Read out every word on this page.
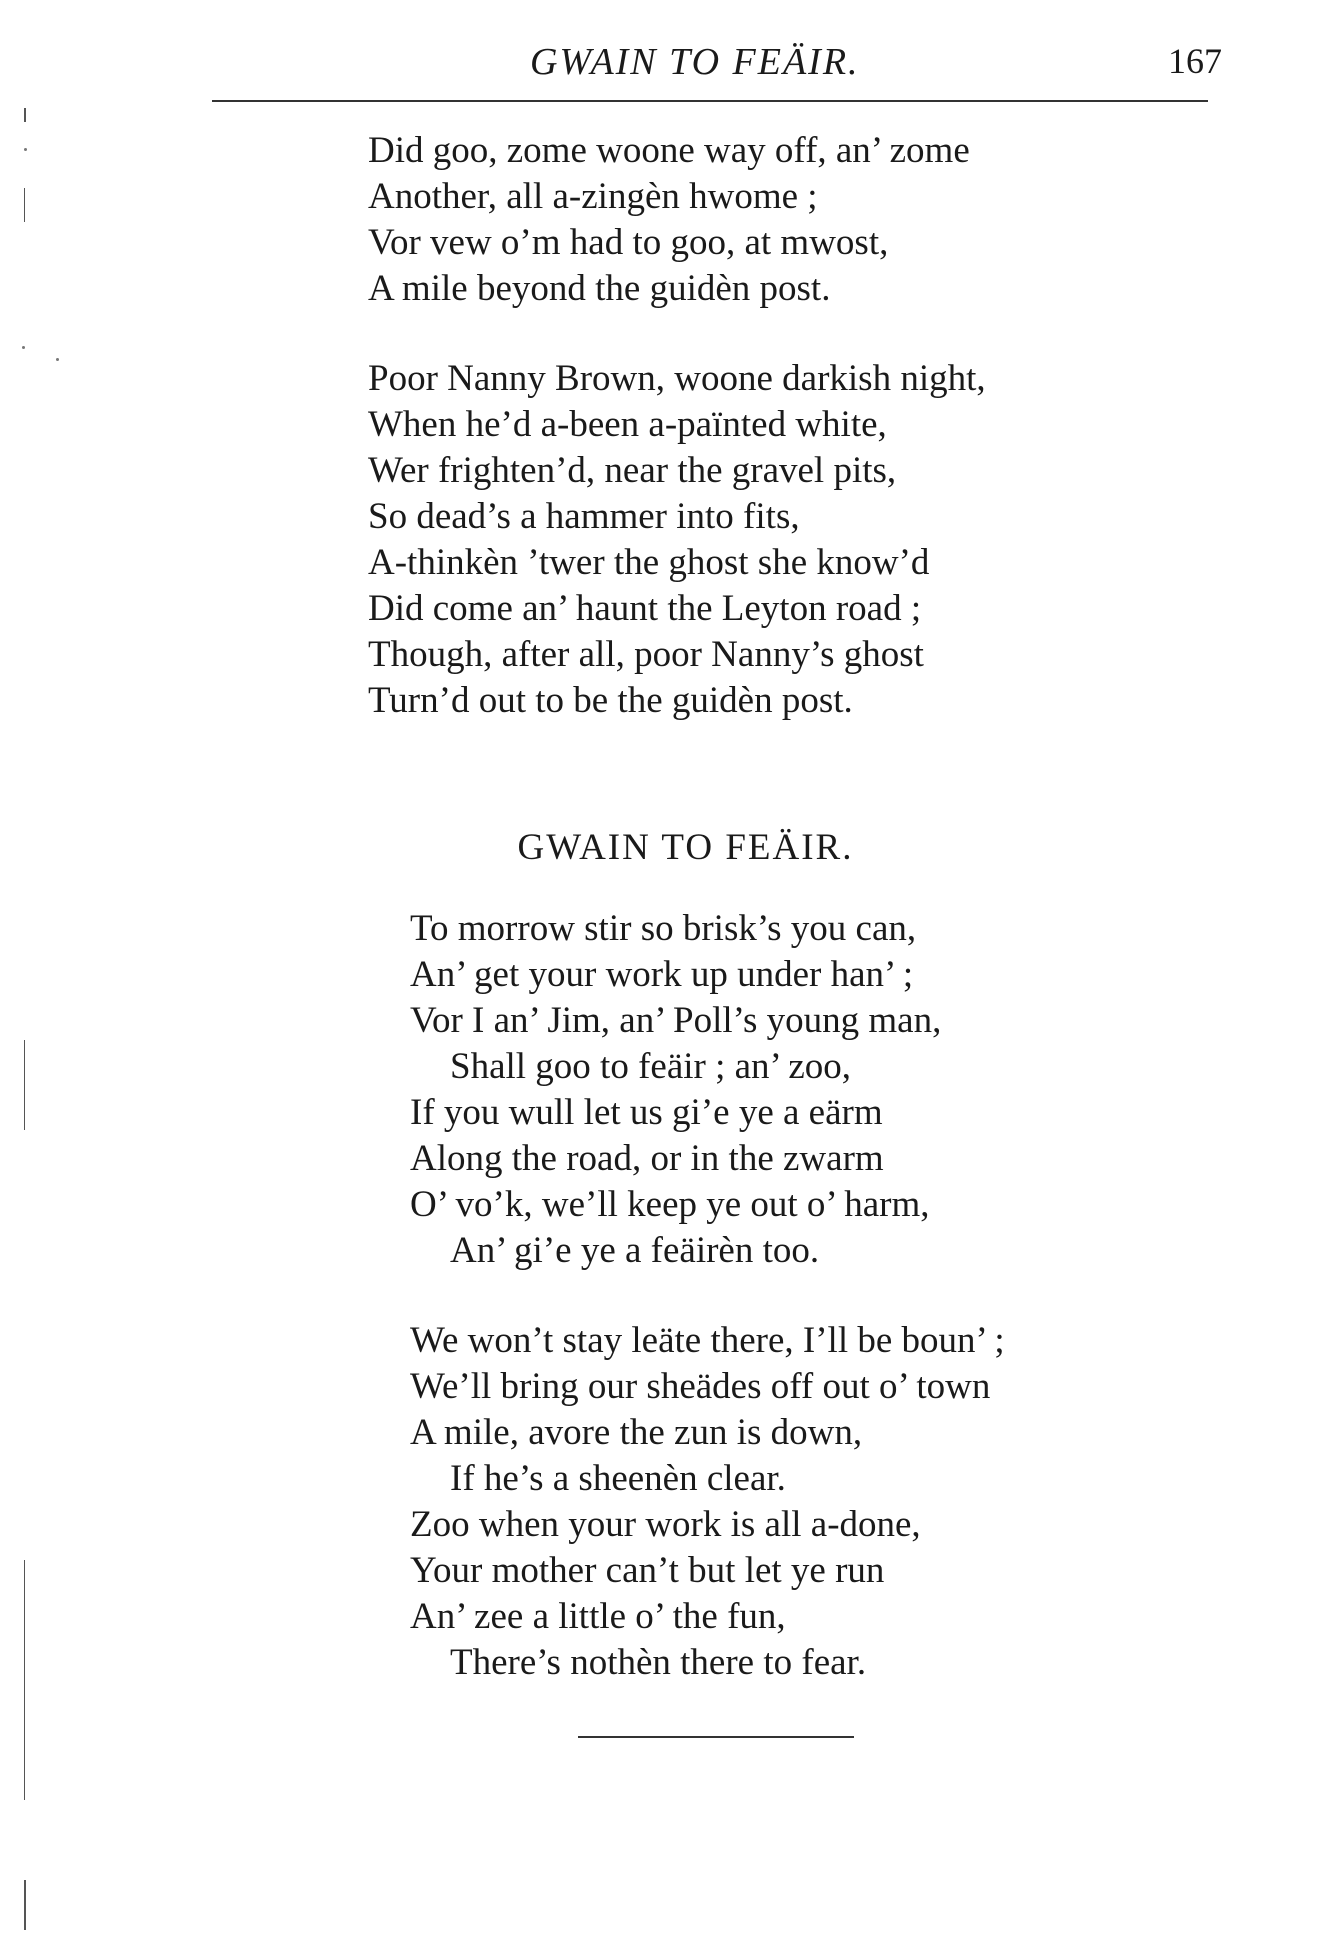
GWAIN TO FEÄIR.	167
Did goo, zome woone way off, an’ zome
Another, all a-zingèn hwome ;
Vor vew o’m had to goo, at mwost,
A mile beyond the guidèn post.
Poor Nanny Brown, woone darkish night,
When he’d a-been a-païnted white,
Wer frighten’d, near the gravel pits,
So dead’s a hammer into fits,
A-thinkèn ’twer the ghost she know’d
Did come an’ haunt the Leyton road ;
Though, after all, poor Nanny’s ghost
Turn’d out to be the guidèn post.
GWAIN TO FEÄIR.
To morrow stir so brisk’s you can,
An’ get your work up under han’ ;
Vor I an’ Jim, an’ Poll’s young man,
Shall goo to feäir ; an’ zoo,
If you wull let us gi’e ye a eärm
Along the road, or in the zwarm
O’ vo’k, we’ll keep ye out o’ harm,
An’ gi’e ye a feäirèn too.
We won’t stay leäte there, I’ll be boun’ ;
We’ll bring our sheädes off out o’ town
A mile, avore the zun is down,
If he’s a sheenèn clear.
Zoo when your work is all a-done,
Your mother can’t but let ye run
An’ zee a little o’ the fun,
There’s nothèn there to fear.
